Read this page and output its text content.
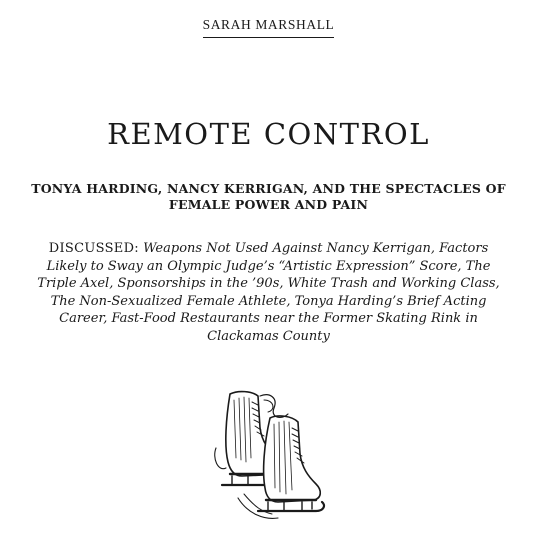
SARAH MARSHALL
REMOTE CONTROL

TONYA HARDING, NANCY KERRIGAN, AND THE SPECTACLES OF FEMALE POWER AND PAIN

DISCUSSED: Weapons Not Used Against Nancy Kerrigan, Factors Likely to Sway an Olympic Judge’s “Artistic Expression” Score, The Triple Axel, Sponsorships in the ’90s, White Trash and Working Class, The Non-Sexualized Female Athlete, Tonya Harding’s Brief Acting Career, Fast-Food Restaurants near the Former Skating Rink in Clackamas County
